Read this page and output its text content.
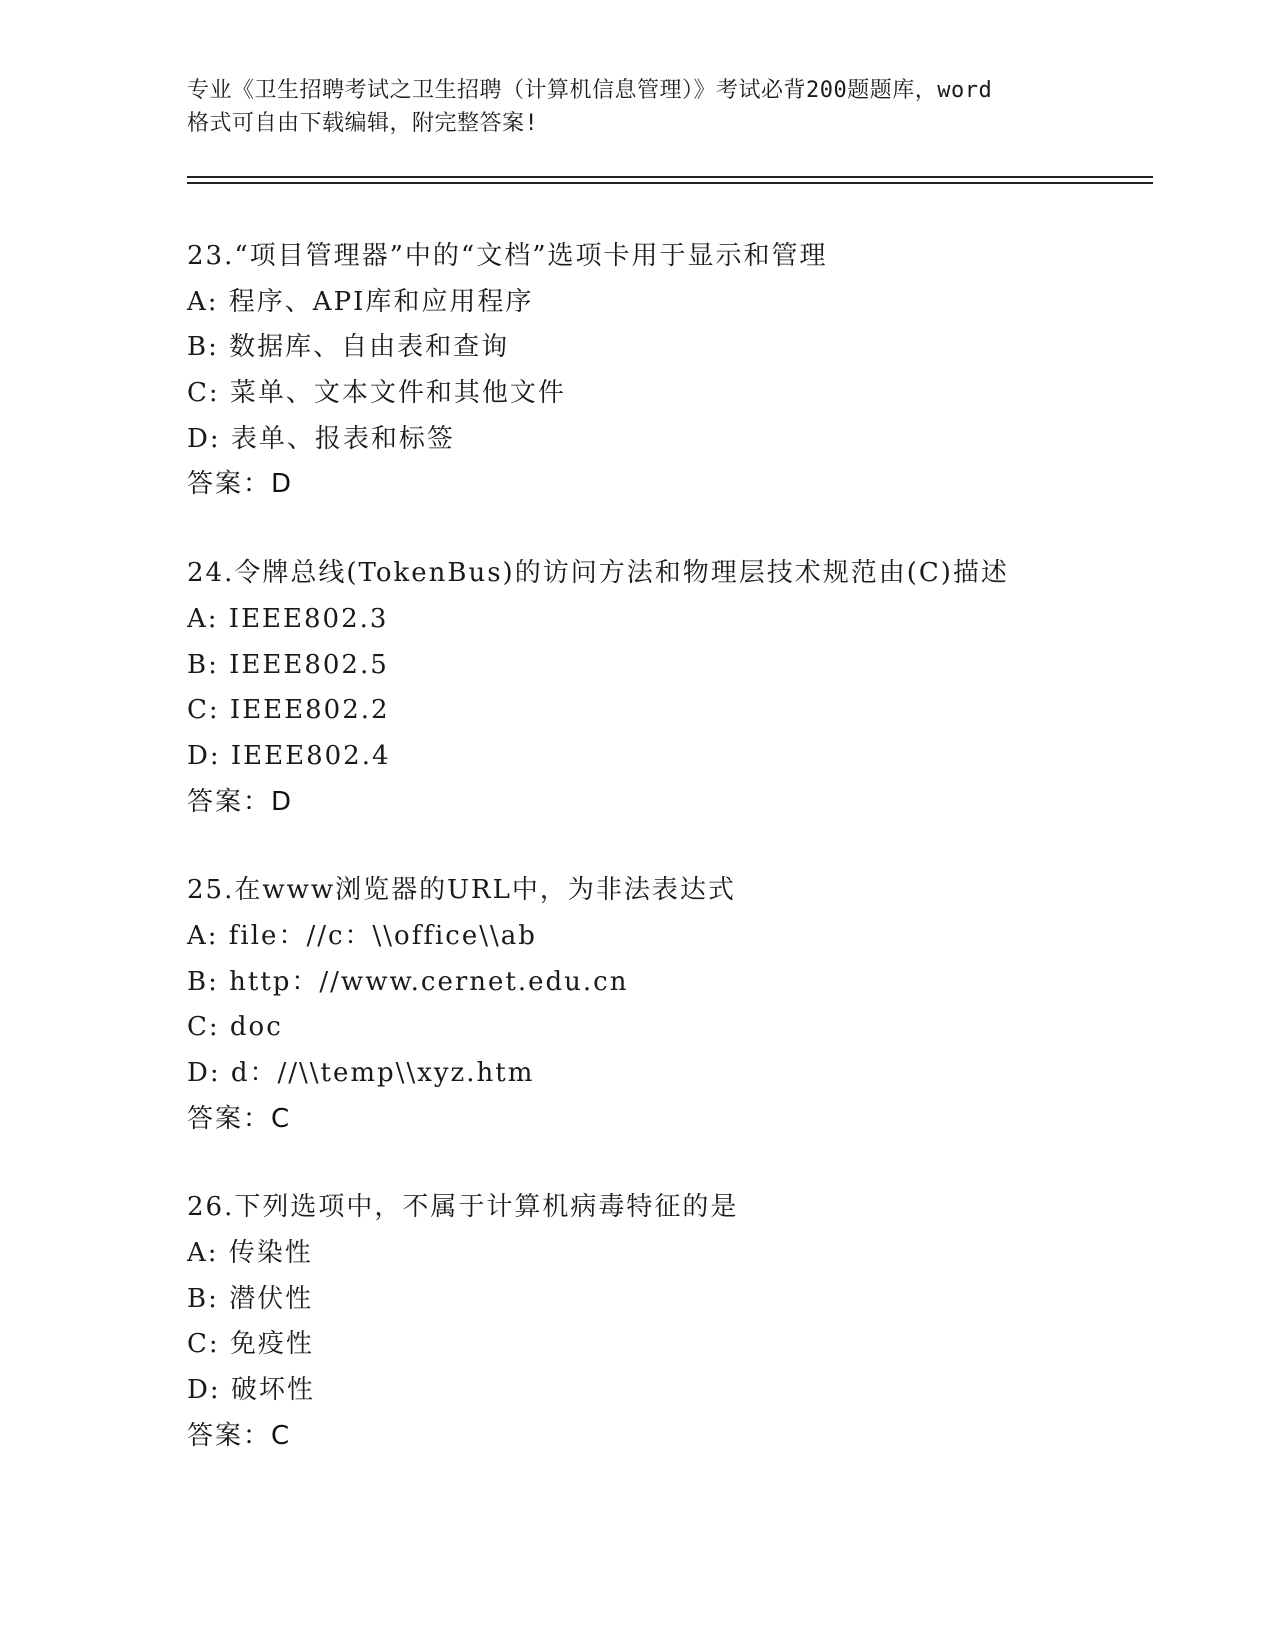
专业《卫生招聘考试之卫生招聘（计算机信息管理）》考试必背200题题库，word
格式可自由下载编辑，附完整答案!
23.“项目管理器”中的“文档”选项卡用于显示和管理
A: 程序、API库和应用程序
B: 数据库、自由表和查询
C: 菜单、文本文件和其他文件
D: 表单、报表和标签
答案：D
24.令牌总线(TokenBus)的访问方法和物理层技术规范由(C)描述
A: IEEE802.3
B: IEEE802.5
C: IEEE802.2
D: IEEE802.4
答案：D
25.在www浏览器的URL中，为非法表达式
A: file：//c：\\office\\ab
B: http：//www.cernet.edu.cn
C: doc
D: d：//\\temp\\xyz.htm
答案：C
26.下列选项中，不属于计算机病毒特征的是
A: 传染性
B: 潜伏性
C: 免疫性
D: 破坏性
答案：C
